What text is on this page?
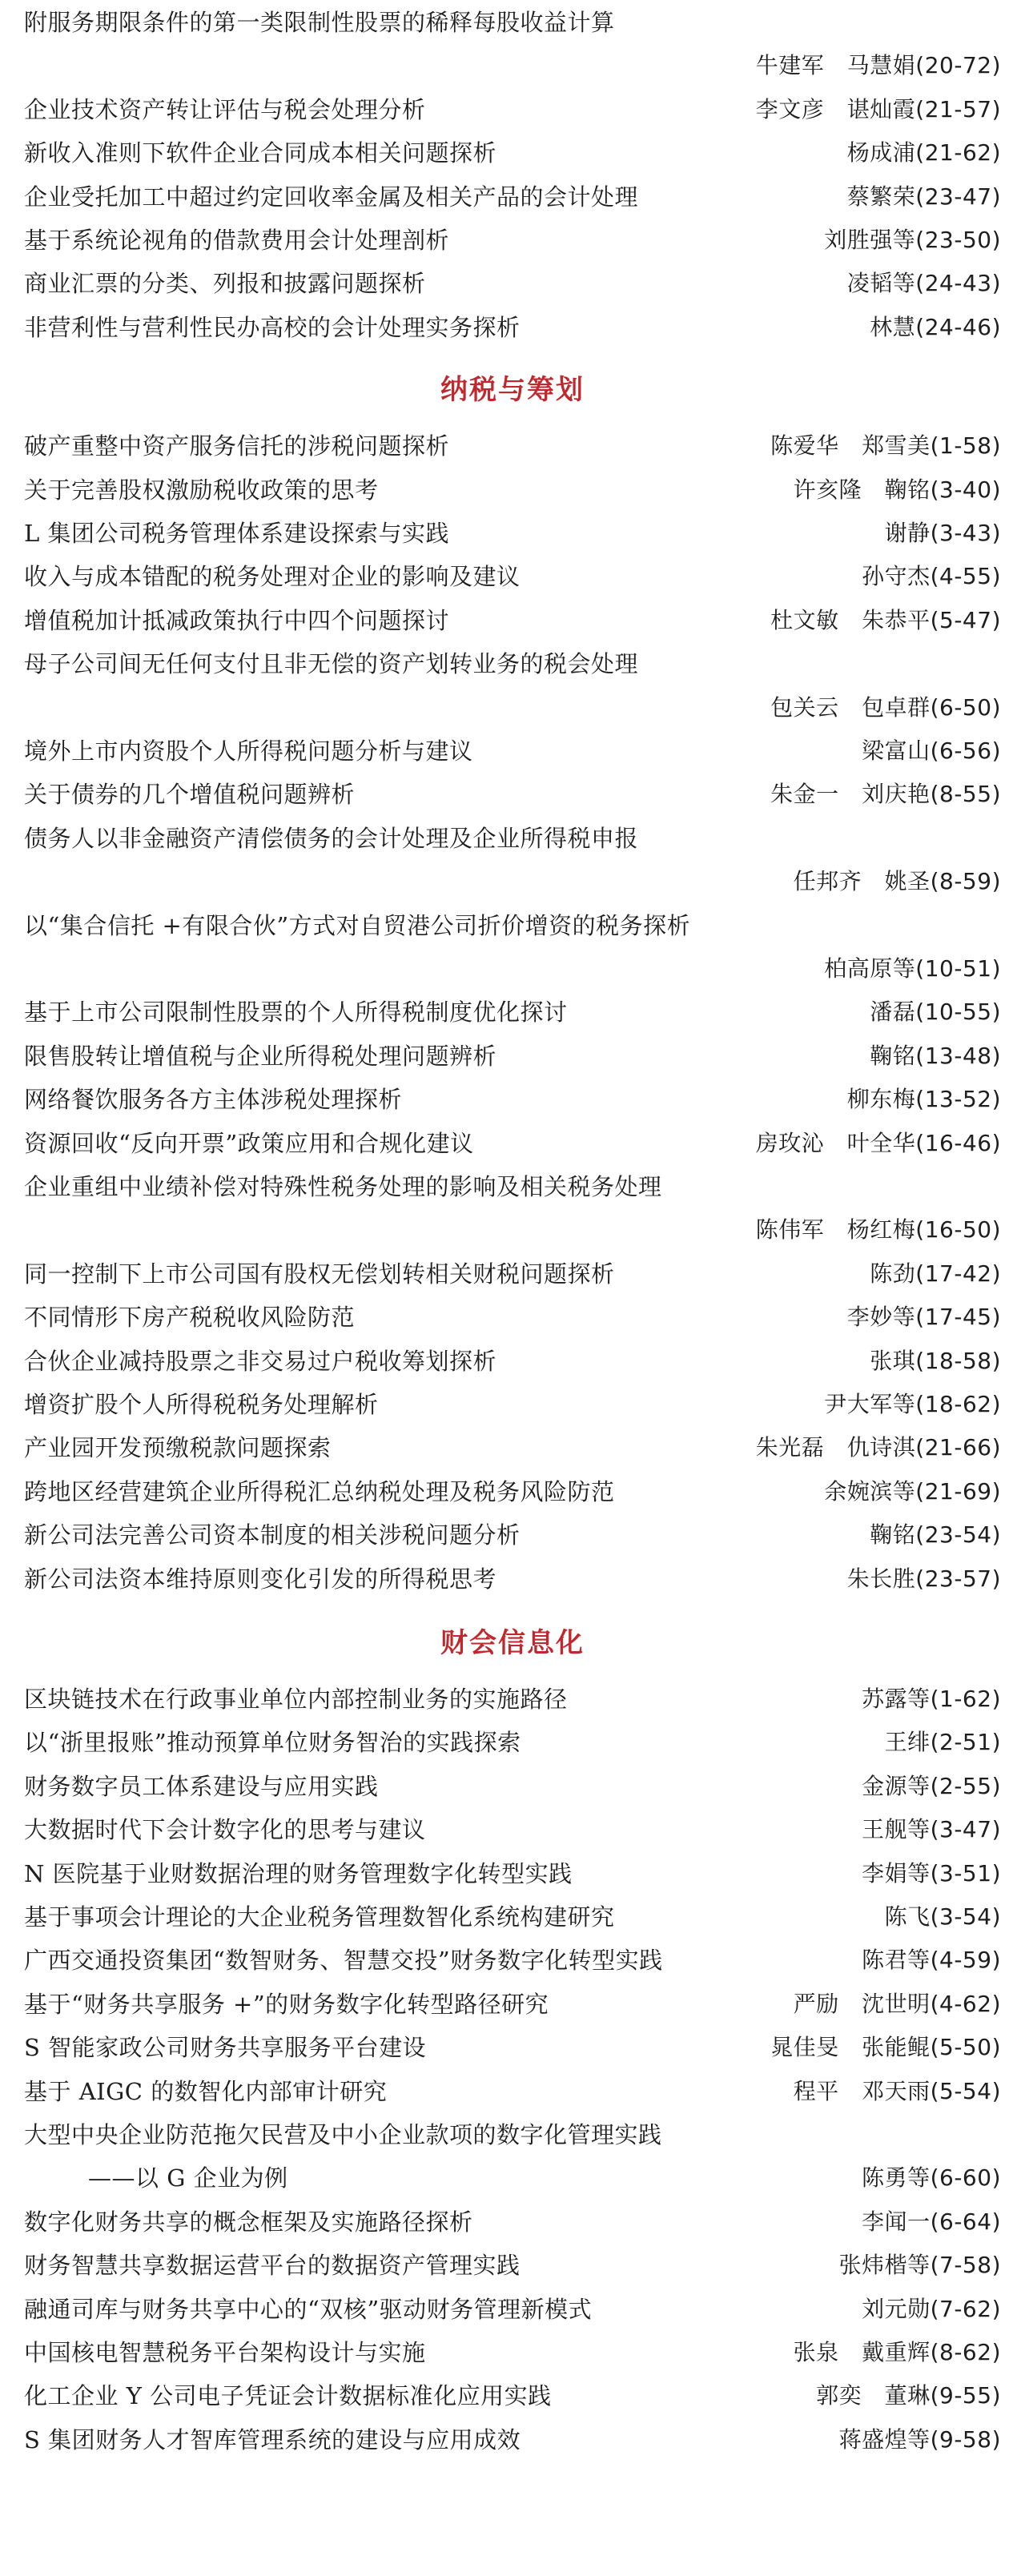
附服务期限条件的第一类限制性股票的稀释每股收益计算
牛建军　马慧娟(20-72)
企业技术资产转让评估与税会处理分析	李文彦　谌灿霞(21-57)
新收入准则下软件企业合同成本相关问题探析	杨成浦(21-62)
企业受托加工中超过约定回收率金属及相关产品的会计处理	蔡繁荣(23-47)
基于系统论视角的借款费用会计处理剖析	刘胜强等(23-50)
商业汇票的分类、列报和披露问题探析	凌韬等(24-43)
非营利性与营利性民办高校的会计处理实务探析	林慧(24-46)
纳税与筹划
破产重整中资产服务信托的涉税问题探析	陈爱华　郑雪美(1-58)
关于完善股权激励税收政策的思考	许亥隆　鞠铭(3-40)
L 集团公司税务管理体系建设探索与实践	谢静(3-43)
收入与成本错配的税务处理对企业的影响及建议	孙守杰(4-55)
增值税加计抵减政策执行中四个问题探讨	杜文敏　朱恭平(5-47)
母子公司间无任何支付且非无偿的资产划转业务的税会处理
包关云　包卓群(6-50)
境外上市内资股个人所得税问题分析与建议	梁富山(6-56)
关于债券的几个增值税问题辨析	朱金一　刘庆艳(8-55)
债务人以非金融资产清偿债务的会计处理及企业所得税申报
任邦齐　姚圣(8-59)
以“集合信托 +有限合伙”方式对自贸港公司折价增资的税务探析
柏高原等(10-51)
基于上市公司限制性股票的个人所得税制度优化探讨	潘磊(10-55)
限售股转让增值税与企业所得税处理问题辨析	鞠铭(13-48)
网络餐饮服务各方主体涉税处理探析	柳东梅(13-52)
资源回收“反向开票”政策应用和合规化建议	房玫沁　叶全华(16-46)
企业重组中业绩补偿对特殊性税务处理的影响及相关税务处理
陈伟军　杨红梅(16-50)
同一控制下上市公司国有股权无偿划转相关财税问题探析	陈劲(17-42)
不同情形下房产税税收风险防范	李妙等(17-45)
合伙企业减持股票之非交易过户税收筹划探析	张琪(18-58)
增资扩股个人所得税税务处理解析	尹大军等(18-62)
产业园开发预缴税款问题探索	朱光磊　仇诗淇(21-66)
跨地区经营建筑企业所得税汇总纳税处理及税务风险防范	余婉滨等(21-69)
新公司法完善公司资本制度的相关涉税问题分析	鞠铭(23-54)
新公司法资本维持原则变化引发的所得税思考	朱长胜(23-57)
财会信息化
区块链技术在行政事业单位内部控制业务的实施路径	苏露等(1-62)
以“浙里报账”推动预算单位财务智治的实践探索	王绯(2-51)
财务数字员工体系建设与应用实践	金源等(2-55)
大数据时代下会计数字化的思考与建议	王舰等(3-47)
N 医院基于业财数据治理的财务管理数字化转型实践	李娟等(3-51)
基于事项会计理论的大企业税务管理数智化系统构建研究	陈飞(3-54)
广西交通投资集团“数智财务、智慧交投”财务数字化转型实践	陈君等(4-59)
基于“财务共享服务 +”的财务数字化转型路径研究	严励　沈世明(4-62)
S 智能家政公司财务共享服务平台建设	晁佳旻　张能鲲(5-50)
基于 AIGC 的数智化内部审计研究	程平　邓天雨(5-54)
大型中央企业防范拖欠民营及中小企业款项的数字化管理实践
——以 G 企业为例	陈勇等(6-60)
数字化财务共享的概念框架及实施路径探析	李闻一(6-64)
财务智慧共享数据运营平台的数据资产管理实践	张炜楷等(7-58)
融通司库与财务共享中心的“双核”驱动财务管理新模式	刘元勋(7-62)
中国核电智慧税务平台架构设计与实施	张泉　戴重辉(8-62)
化工企业 Y 公司电子凭证会计数据标准化应用实践	郭奕　董琳(9-55)
S 集团财务人才智库管理系统的建设与应用成效	蒋盛煌等(9-58)
